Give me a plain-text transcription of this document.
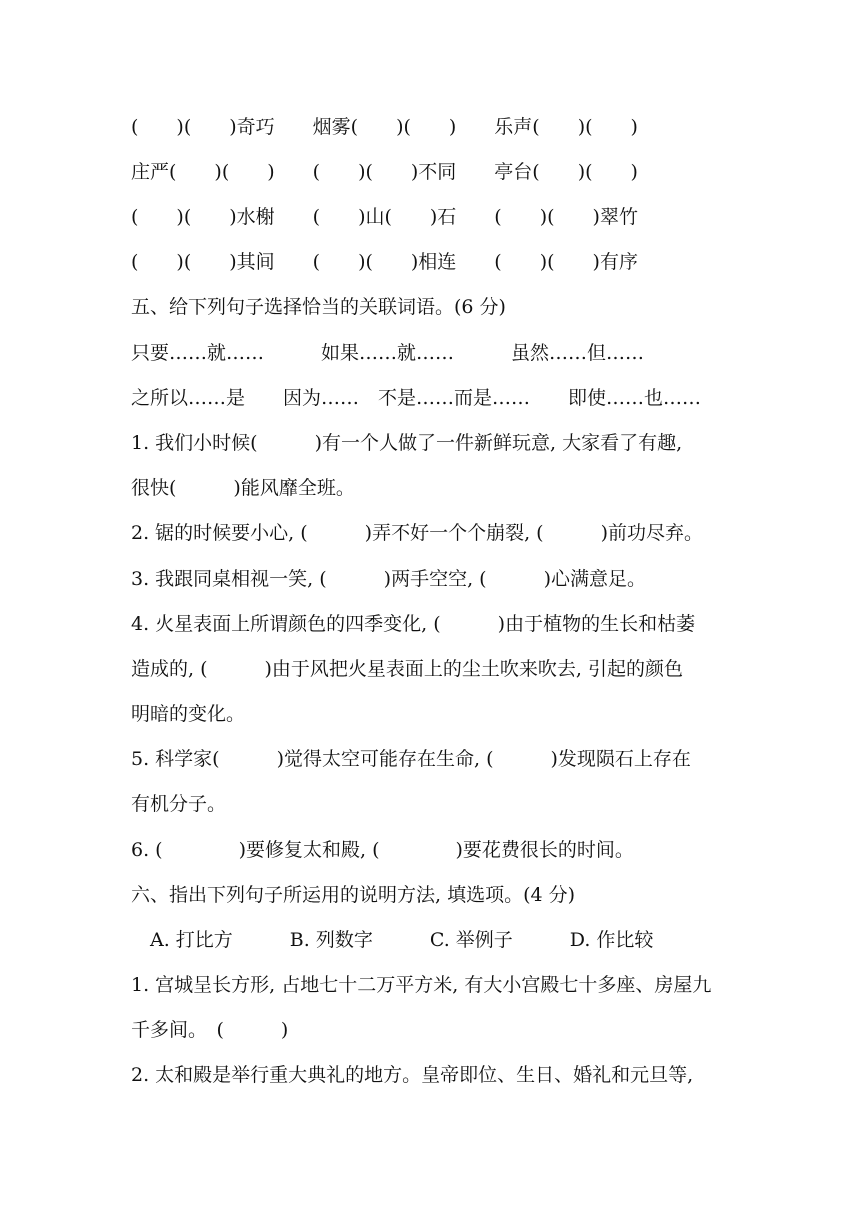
(　　)(　　)奇巧　　烟雾(　　)(　　)　　乐声(　　)(　　)
庄严(　　)(　　)　　(　　)(　　)不同　　亭台(　　)(　　)
(　　)(　　)水榭　　(　　)山(　　)石　　(　　)(　　)翠竹
(　　)(　　)其间　　(　　)(　　)相连　　(　　)(　　)有序
五、给下列句子选择恰当的关联词语。(6 分)
只要……就……　　　如果……就……　　　虽然……但……
之所以……是　　因为……　不是……而是……　　即使……也……
1. 我们小时候(　　　)有一个人做了一件新鲜玩意, 大家看了有趣,
很快(　　　)能风靡全班。
2. 锯的时候要小心, (　　　)弄不好一个个崩裂, (　　　)前功尽弃。
3. 我跟同桌相视一笑, (　　　)两手空空, (　　　)心满意足。
4. 火星表面上所谓颜色的四季变化, (　　　)由于植物的生长和枯萎
造成的, (　　　)由于风把火星表面上的尘土吹来吹去, 引起的颜色
明暗的变化。
5. 科学家(　　　)觉得太空可能存在生命, (　　　)发现陨石上存在
有机分子。
6. (　　　　)要修复太和殿, (　　　　)要花费很长的时间。
六、指出下列句子所运用的说明方法, 填选项。(4 分)
　A. 打比方　　　B. 列数字　　　C. 举例子　　　D. 作比较
1. 宫城呈长方形, 占地七十二万平方米, 有大小宫殿七十多座、房屋九
千多间。　(　　　)
2. 太和殿是举行重大典礼的地方。皇帝即位、生日、婚礼和元旦等,
